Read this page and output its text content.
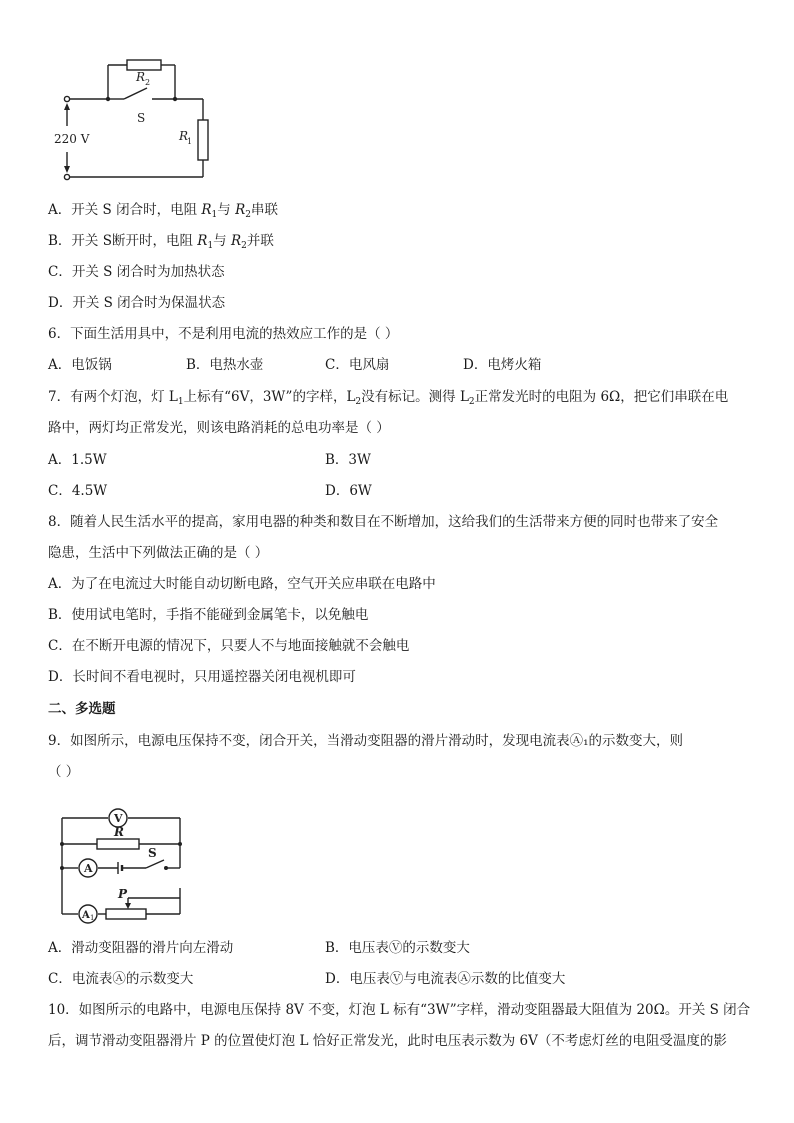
220 V
S
R 2
R
1
A．开关 S 闭合时，电阻 $R_1$与 $R_2$串联
B．开关 S断开时，电阻 $R_1$与 $R_2$并联
C．开关 S 闭合时为加热状态
D．开关 S 闭合时为保温状态
6．下面生活用具中，不是利用电流的热效应工作的是（ ）
A．电饭锅	B．电热水壶	C．电风扇	D．电烤火箱
7．有两个灯泡，灯 $L_1$上标有“6V，3W”的字样，$L_2$没有标记。测得 $L_2$正常发光时的电阻为 6Ω，把它们串联在电
路中，两灯均正常发光，则该电路消耗的总电功率是（ ）
A．1.5W	B．3W
C．4.5W	D．6W
8．随着人民生活水平的提高，家用电器的种类和数目在不断增加，这给我们的生活带来方便的同时也带来了安全
隐患，生活中下列做法正确的是（ ）
A．为了在电流过大时能自动切断电路，空气开关应串联在电路中
B．使用试电笔时，手指不能碰到金属笔卡，以免触电
C．在不断开电源的情况下，只要人不与地面接触就不会触电
D．长时间不看电视时，只用遥控器关闭电视机即可
二、多选题
9．如图所示，电源电压保持不变，闭合开关，当滑动变阻器的滑片滑动时，发现电流表Ⓐ₁的示数变大，则
（ ）
V
R
A
S
P
A 1
A．滑动变阻器的滑片向左滑动	B．电压表Ⓥ的示数变大
C．电流表Ⓐ的示数变大	D．电压表Ⓥ与电流表Ⓐ示数的比值变大
10．如图所示的电路中，电源电压保持 8V 不变，灯泡 L 标有“3W”字样，滑动变阻器最大阻值为 20Ω。开关 S 闭合
后，调节滑动变阻器滑片 P 的位置使灯泡 L 恰好正常发光，此时电压表示数为 6V（不考虑灯丝的电阻受温度的影
